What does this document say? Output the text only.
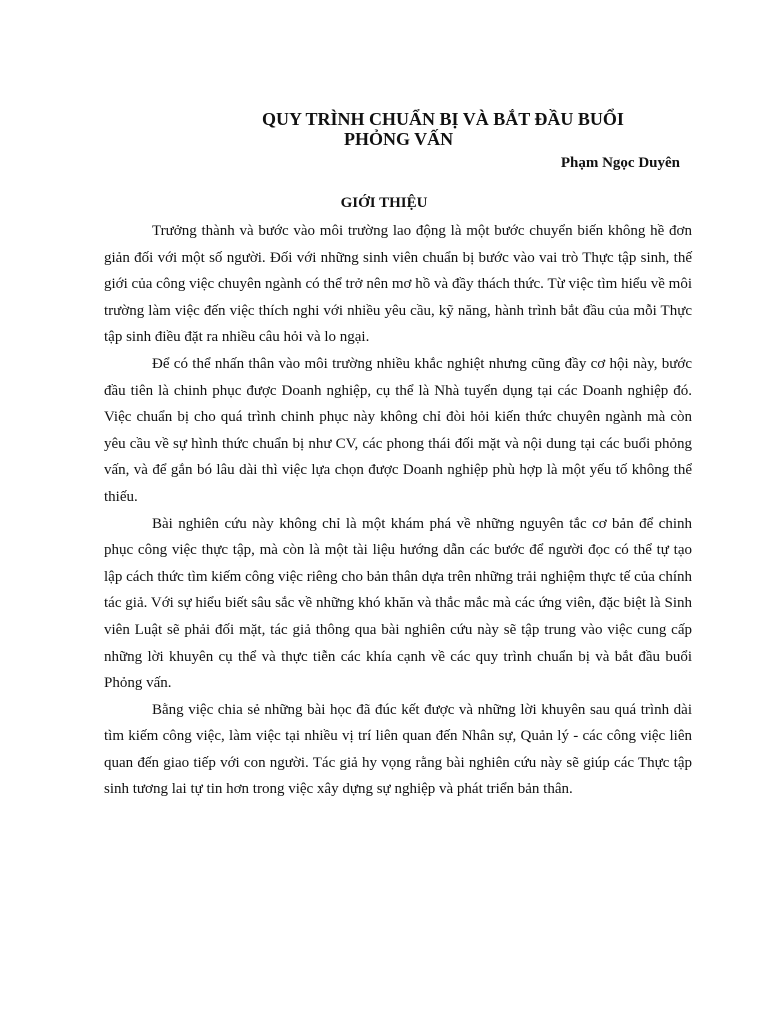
QUY TRÌNH CHUẨN BỊ VÀ BẮT ĐẦU BUỔI
PHỎNG VẤN
Phạm Ngọc Duyên
GIỚI THIỆU

Trưởng thành và bước vào môi trường lao động là một bước chuyển biến không hề đơn giản đối với một số người. Đối với những sinh viên chuẩn bị bước vào vai trò Thực tập sinh, thế giới của công việc chuyên ngành có thể trở nên mơ hồ và đầy thách thức. Từ việc tìm hiểu về môi trường làm việc đến việc thích nghi với nhiều yêu cầu, kỹ năng, hành trình bắt đầu của mỗi Thực tập sinh điều đặt ra nhiều câu hỏi và lo ngại.

Để có thể nhấn thân vào môi trường nhiều khắc nghiệt nhưng cũng đầy cơ hội này, bước đầu tiên là chinh phục được Doanh nghiệp, cụ thể là Nhà tuyển dụng tại các Doanh nghiệp đó. Việc chuẩn bị cho quá trình chinh phục này không chỉ đòi hỏi kiến thức chuyên ngành mà còn yêu cầu về sự hình thức chuẩn bị như CV, các phong thái đối mặt và nội dung tại các buổi phỏng vấn, và để gắn bó lâu dài thì việc lựa chọn được Doanh nghiệp phù hợp là một yếu tố không thể thiếu.

Bài nghiên cứu này không chỉ là một khám phá về những nguyên tắc cơ bản để chinh phục công việc thực tập, mà còn là một tài liệu hướng dẫn các bước để người đọc có thể tự tạo lập cách thức tìm kiếm công việc riêng cho bản thân dựa trên những trải nghiệm thực tế của chính tác giả. Với sự hiểu biết sâu sắc về những khó khăn và thắc mắc mà các ứng viên, đặc biệt là Sinh viên Luật sẽ phải đối mặt, tác giả thông qua bài nghiên cứu này sẽ tập trung vào việc cung cấp những lời khuyên cụ thể và thực tiễn các khía cạnh về các quy trình chuẩn bị và bắt đầu buổi Phỏng vấn.

Bằng việc chia sẻ những bài học đã đúc kết được và những lời khuyên sau quá trình dài tìm kiếm công việc, làm việc tại nhiều vị trí liên quan đến Nhân sự, Quản lý - các công việc liên quan đến giao tiếp với con người. Tác giả hy vọng rằng bài nghiên cứu này sẽ giúp các Thực tập sinh tương lai tự tin hơn trong việc xây dựng sự nghiệp và phát triển bản thân.
